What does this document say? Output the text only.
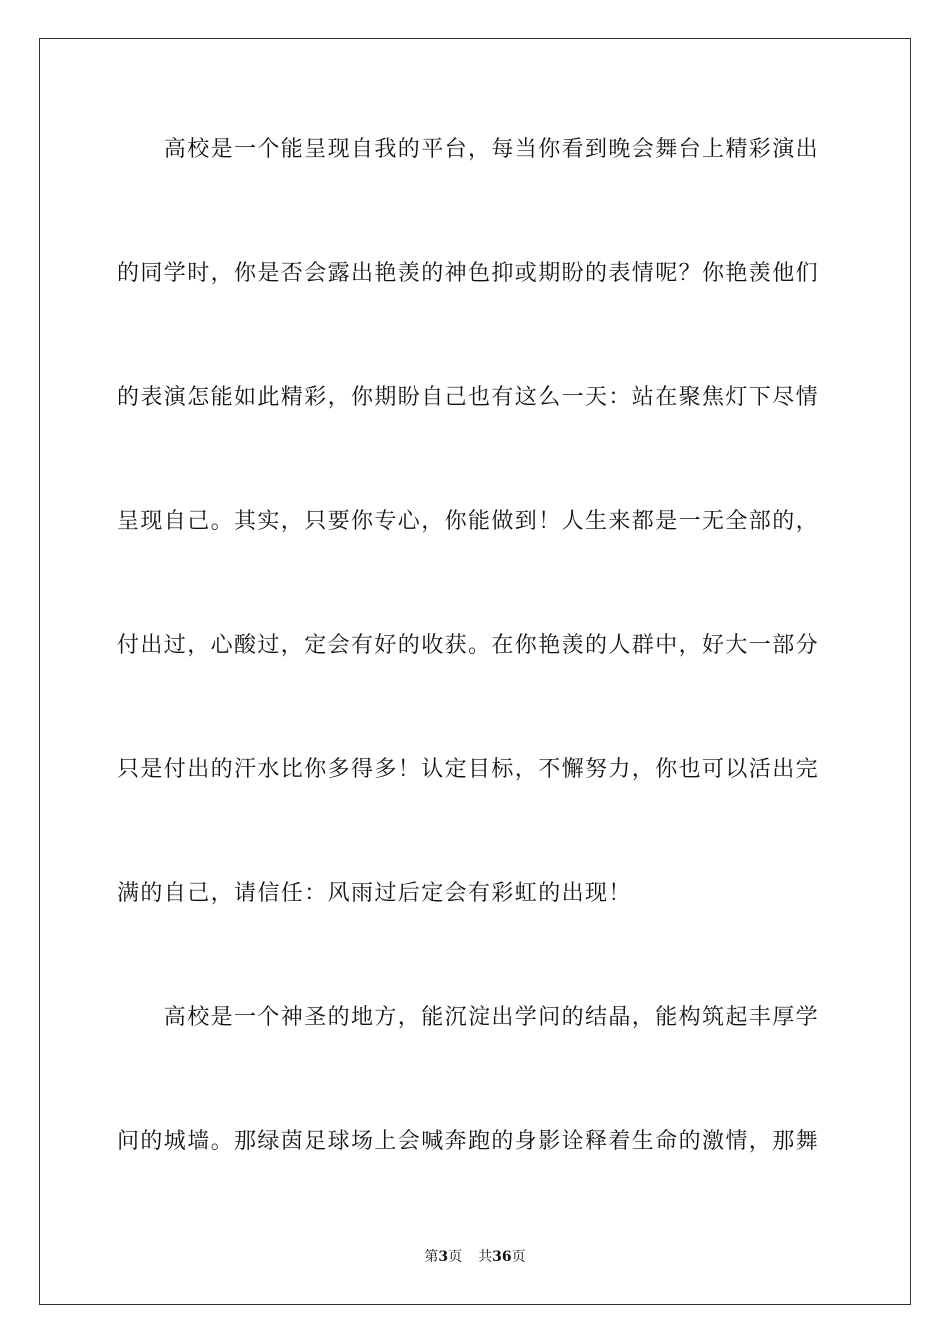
　　高校是一个能呈现自我的平台，每当你看到晚会舞台上精彩演出
的同学时，你是否会露出艳羡的神色抑或期盼的表情呢？你艳羡他们
的表演怎能如此精彩，你期盼自己也有这么一天：站在聚焦灯下尽情
呈现自己。其实，只要你专心，你能做到！人生来都是一无全部的，
付出过，心酸过，定会有好的收获。在你艳羡的人群中，好大一部分
只是付出的汗水比你多得多！认定目标，不懈努力，你也可以活出完
满的自己，请信任：风雨过后定会有彩虹的出现！
　　高校是一个神圣的地方，能沉淀出学问的结晶，能构筑起丰厚学
问的城墙。那绿茵足球场上会喊奔跑的身影诠释着生命的激情，那舞
第3页 共36页
